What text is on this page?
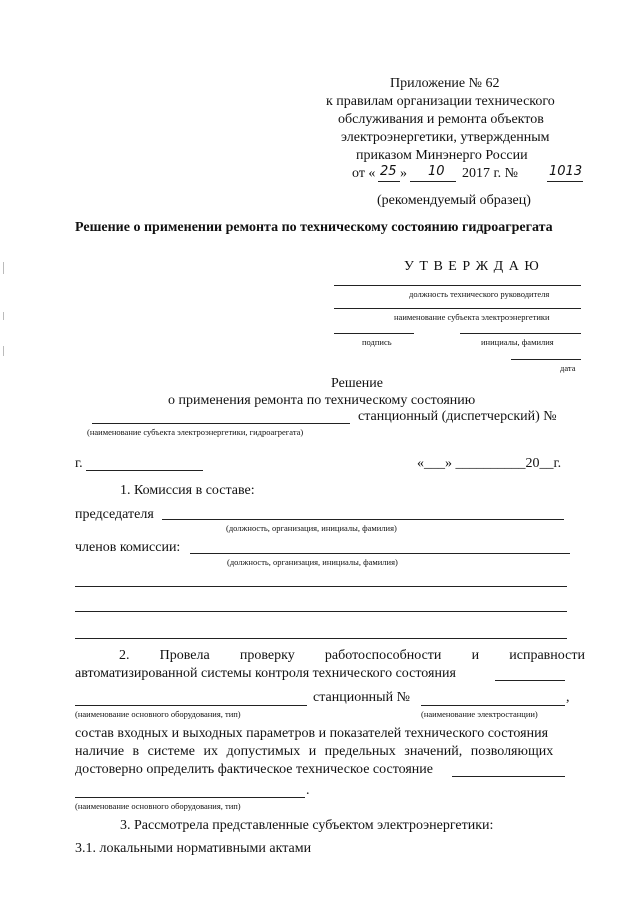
Приложение № 62
к правилам организации технического
обслуживания и ремонта объектов
электроэнергетики, утвержденным
приказом Минэнерго России
от « 25 » 10 2017 г. № 1013
(рекомендуемый образец)
Решение о применении ремонта по техническому состоянию гидроагрегата
У Т В Е Р Ж Д А Ю
должность технического руководителя
наименование субъекта электроэнергетики
подпись	инициалы, фамилия
дата
Решение
о применения ремонта по техническому состоянию
станционный (диспетчерский) №
(наименование субъекта электроэнергетики, гидроагрегата)
г.	«___» __________20__г.
1. Комиссия в составе:
председателя
(должность, организация, инициалы, фамилия)
членов комиссии:
(должность, организация, инициалы, фамилия)
2. Провела проверку работоспособности и исправности
автоматизированной системы контроля технического состояния
станционный №	,
(наименование основного оборудования, тип)	(наименование электростанции)
состав входных и выходных параметров и показателей технического состояния
наличие в системе их допустимых и предельных значений, позволяющих
достоверно определить фактическое техническое состояние
.
(наименование основного оборудования, тип)
3. Рассмотрела представленные субъектом электроэнергетики:
3.1. локальными нормативными актами
